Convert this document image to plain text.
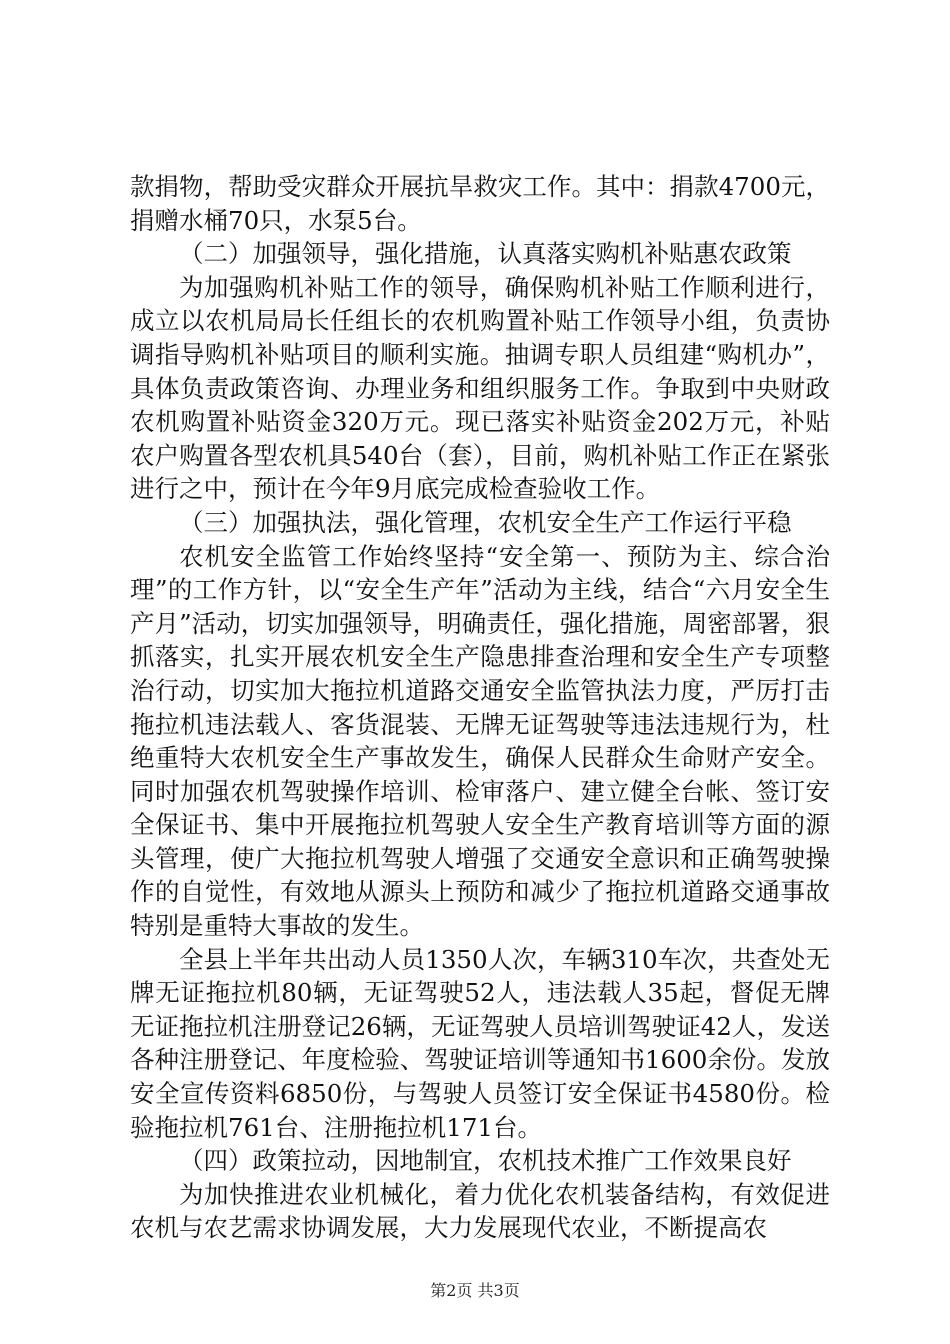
款捐物，帮助受灾群众开展抗旱救灾工作。其中：捐款4700元，捐赠水桶70只，水泵5台。

（二）加强领导，强化措施，认真落实购机补贴惠农政策

为加强购机补贴工作的领导，确保购机补贴工作顺利进行，成立以农机局局长任组长的农机购置补贴工作领导小组，负责协调指导购机补贴项目的顺利实施。抽调专职人员组建“购机办”，具体负责政策咨询、办理业务和组织服务工作。争取到中央财政农机购置补贴资金320万元。现已落实补贴资金202万元，补贴农户购置各型农机具540台（套），目前，购机补贴工作正在紧张进行之中，预计在今年9月底完成检查验收工作。

（三）加强执法，强化管理，农机安全生产工作运行平稳

农机安全监管工作始终坚持“安全第一、预防为主、综合治理”的工作方针，以“安全生产年”活动为主线，结合“六月安全生产月”活动，切实加强领导，明确责任，强化措施，周密部署，狠抓落实，扎实开展农机安全生产隐患排查治理和安全生产专项整治行动，切实加大拖拉机道路交通安全监管执法力度，严厉打击拖拉机违法载人、客货混装、无牌无证驾驶等违法违规行为，杜绝重特大农机安全生产事故发生，确保人民群众生命财产安全。同时加强农机驾驶操作培训、检审落户、建立健全台帐、签订安全保证书、集中开展拖拉机驾驶人安全生产教育培训等方面的源头管理，使广大拖拉机驾驶人增强了交通安全意识和正确驾驶操作的自觉性，有效地从源头上预防和减少了拖拉机道路交通事故特别是重特大事故的发生。

全县上半年共出动人员1350人次，车辆310车次，共查处无牌无证拖拉机80辆，无证驾驶52人，违法载人35起，督促无牌无证拖拉机注册登记26辆，无证驾驶人员培训驾驶证42人，发送各种注册登记、年度检验、驾驶证培训等通知书1600余份。发放安全宣传资料6850份，与驾驶人员签订安全保证书4580份。检验拖拉机761台、注册拖拉机171台。

（四）政策拉动，因地制宜，农机技术推广工作效果良好

为加快推进农业机械化，着力优化农机装备结构，有效促进农机与农艺需求协调发展，大力发展现代农业，不断提高农

第2页 共3页
